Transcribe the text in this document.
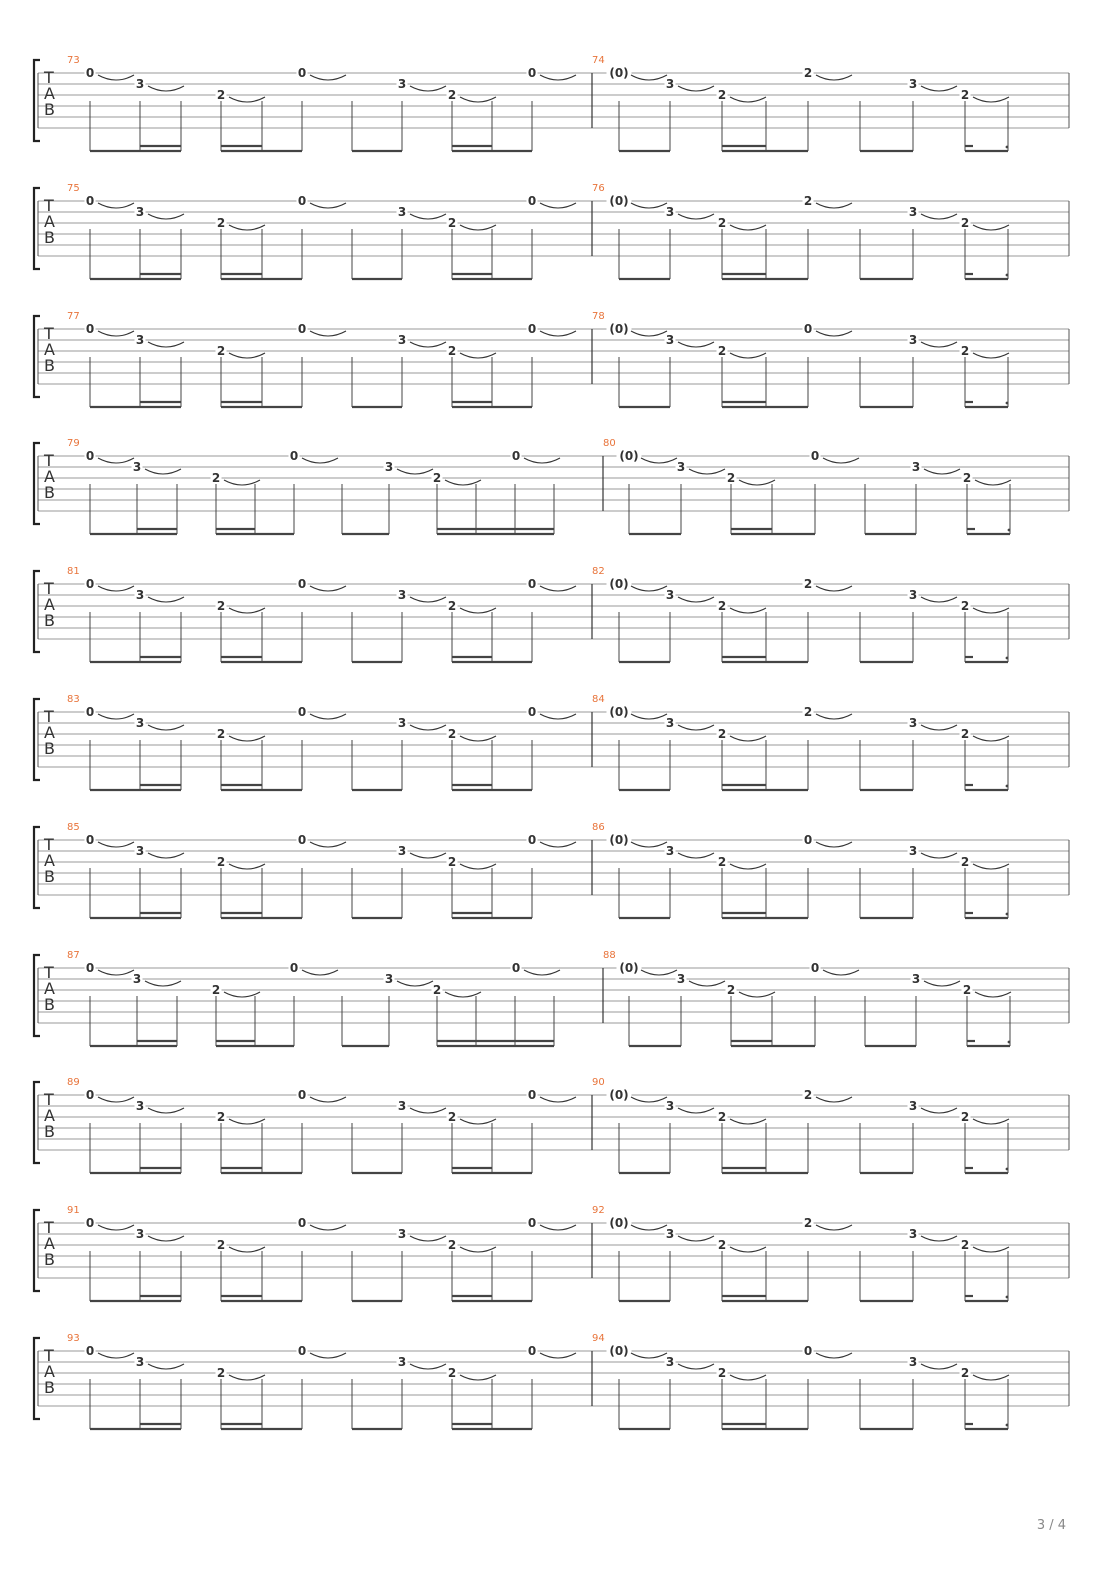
T
A
B
73	74
0
3
2
0
3
2
0	(0)
3
2
2
3
2
T
A
B
75	76
0
3
2
0
3
2
0	(0)
3
2
2
3
2
T
A
B
77	78
0
3
2
0
3
2
0	(0)
3
2
0
3
2
T
A
B
79	80
0
3
2
0
3
2
0	(0)
3
2
0
3
2
T
A
B
81	82
0
3
2
0
3
2
0	(0)
3
2
2
3
2
T
A
B
83	84
0
3
2
0
3
2
0	(0)
3
2
2
3
2
T
A
B
85	86
0
3
2
0
3
2
0	(0)
3
2
0
3
2
T
A
B
87	88
0
3
2
0
3
2
0	(0)
3
2
0
3
2
T
A
B
89	90
0
3
2
0
3
2
0	(0)
3
2
2
3
2
T
A
B
91	92
0
3
2
0
3
2
0	(0)
3
2
2
3
2
T
A
B
93	94
0
3
2
0
3
2
0	(0)
3
2
0
3
2
3 / 4
